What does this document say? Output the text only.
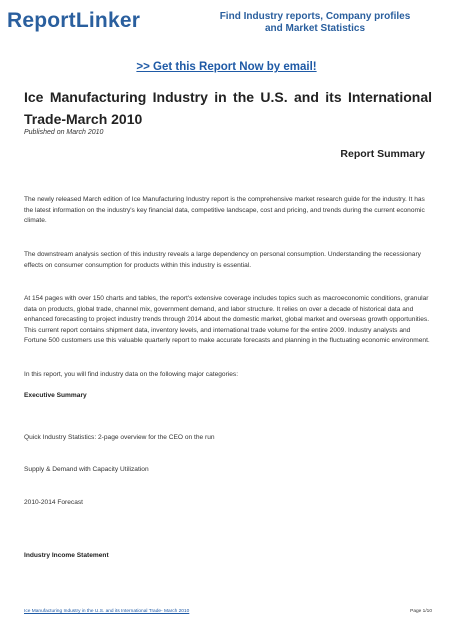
ReportLinker	Find Industry reports, Company profiles
and Market Statistics
>> Get this Report Now by email!
Ice Manufacturing Industry in the U.S. and its International Trade-March 2010
Published on March 2010
Report Summary

The newly released March edition of Ice Manufacturing Industry report is the comprehensive market research guide for the industry. It has the latest information on the industry's key financial data, competitive landscape, cost and pricing, and trends during the current economic climate.

The downstream analysis section of this industry reveals a large dependency on personal consumption. Understanding the recessionary effects on consumer consumption for products within this industry is essential.

At 154 pages with over 150 charts and tables, the report's extensive coverage includes topics such as macroeconomic conditions, granular data on products, global trade, channel mix, government demand, and labor structure. It relies on over a decade of historical data and enhanced forecasting to project industry trends through 2014 about the domestic market, global market and overseas growth opportunities. This current report contains shipment data, inventory levels, and international trade volume for the entire 2009. Industry analysts and Fortune 500 customers use this valuable quarterly report to make accurate forecasts and planning in the fluctuating economic environment.

In this report, you will find industry data on the following major categories:

Executive Summary

Quick Industry Statistics: 2-page overview for the CEO on the run

Supply & Demand with Capacity Utilization

2010-2014 Forecast

Industry Income Statement

Ice Manufacturing Industry in the U.S. and its International Trade- March 2010	Page 1/10
